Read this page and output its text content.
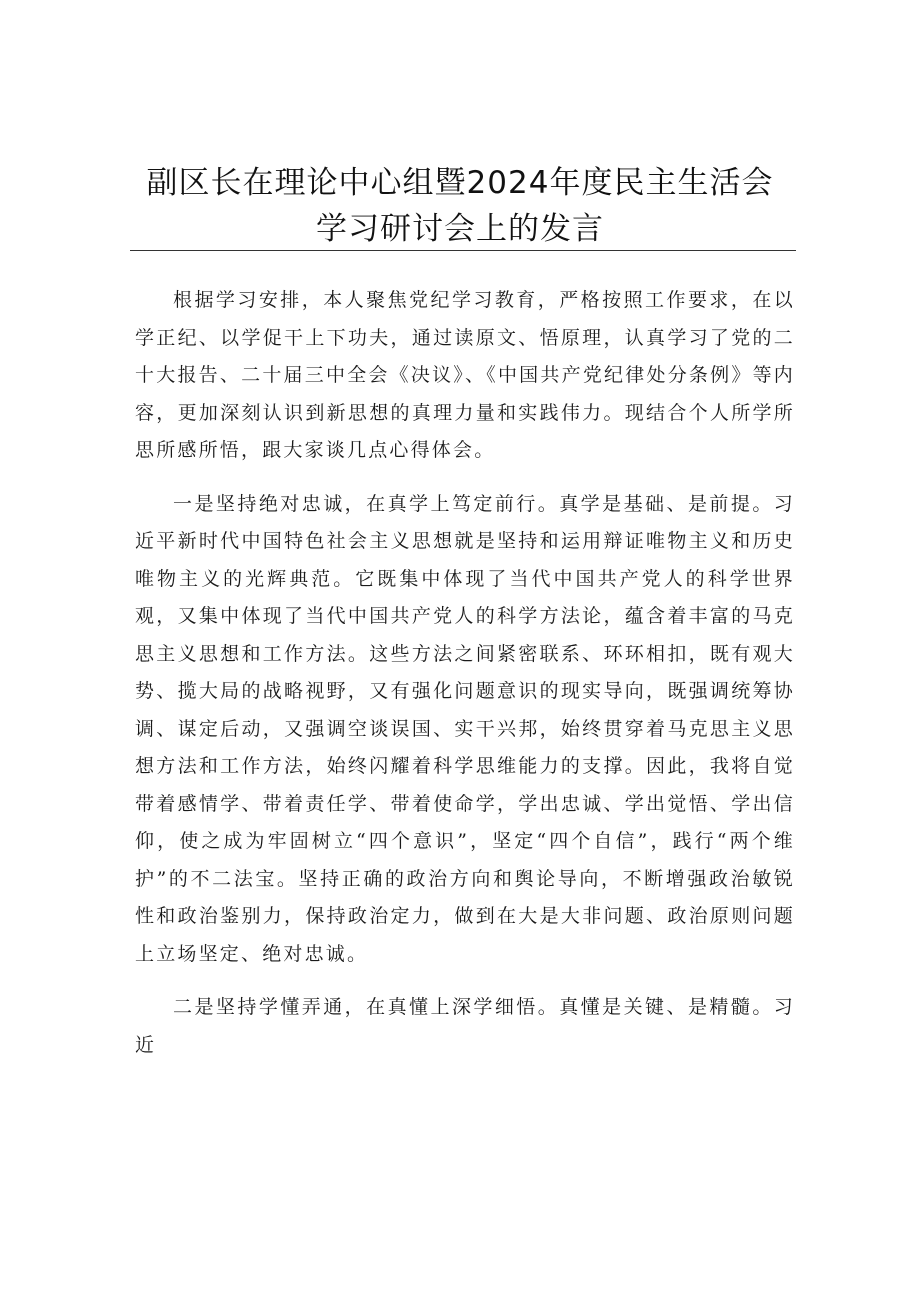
副区长在理论中心组暨2024年度民主生活会
学习研讨会上的发言

根据学习安排，本人聚焦党纪学习教育，严格按照工作要求，在以学正纪、以学促干上下功夫，通过读原文、悟原理，认真学习了党的二十大报告、二十届三中全会《决议》、《中国共产党纪律处分条例》等内容，更加深刻认识到新思想的真理力量和实践伟力。现结合个人所学所思所感所悟，跟大家谈几点心得体会。

一是坚持绝对忠诚，在真学上笃定前行。真学是基础、是前提。习近平新时代中国特色社会主义思想就是坚持和运用辩证唯物主义和历史唯物主义的光辉典范。它既集中体现了当代中国共产党人的科学世界观，又集中体现了当代中国共产党人的科学方法论，蕴含着丰富的马克思主义思想和工作方法。这些方法之间紧密联系、环环相扣，既有观大势、揽大局的战略视野，又有强化问题意识的现实导向，既强调统筹协调、谋定后动，又强调空谈误国、实干兴邦，始终贯穿着马克思主义思想方法和工作方法，始终闪耀着科学思维能力的支撑。因此，我将自觉带着感情学、带着责任学、带着使命学，学出忠诚、学出觉悟、学出信仰，使之成为牢固树立“四个意识”，坚定“四个自信”，践行“两个维护”的不二法宝。坚持正确的政治方向和舆论导向，不断增强政治敏锐性和政治鉴别力，保持政治定力，做到在大是大非问题、政治原则问题上立场坚定、绝对忠诚。

二是坚持学懂弄通，在真懂上深学细悟。真懂是关键、是精髓。习近
